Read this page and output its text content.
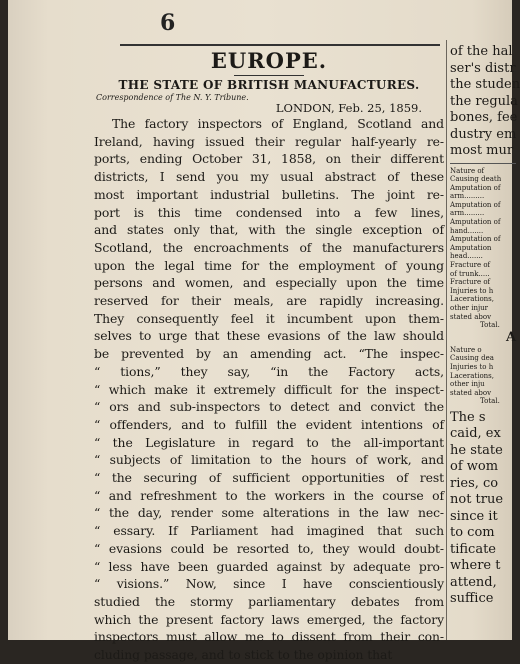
6
EUROPE.
THE STATE OF BRITISH MANUFACTURES.
Correspondence of The N. Y. Tribune.
LONDON, Feb. 25, 1859.
The factory inspectors of England, Scotland and
Ireland, having issued their regular half-yearly re-
ports, ending October 31, 1858, on their different
districts, I send you my usual abstract of these
most important industrial bulletins. The joint re-
port is this time condensed into a few lines,
and states only that, with the single exception of
Scotland, the encroachments of the manufacturers
upon the legal time for the employment of young
persons and women, and especially upon the time
reserved for their meals, are rapidly increasing.
They consequently feel it incumbent upon them-
selves to urge that these evasions of the law should
be prevented by an amending act. “The inspec-
“ tions,” they say, “in the Factory acts,
“ which make it extremely difficult for the inspect-
“ ors and sub-inspectors to detect and convict the
“ offenders, and to fulfill the evident intentions of
“ the Legislature in regard to the all-important
“ subjects of limitation to the hours of work, and
“ the securing of sufficient opportunities of rest
“ and refreshment to the workers in the course of
“ the day, render some alterations in the law nec-
“ essary. If Parliament had imagined that such
“ evasions could be resorted to, they would doubt-
“ less have been guarded against by adequate pro-
“ visions.” Now, since I have conscientiously
studied the stormy parliamentary debates from
which the present factory laws emerged, the factory
inspectors must allow me to dissent from their con-
cluding passage, and to stick to the opinion that
of the hal
ser's distr
the studen
the regula
bones, fee
dustry em
most mur
Nature of
Causing death
Amputation of
arm.........
Amputation of
arm.........
Amputation of
hand.......
Amputation of
Amputation
head.......
Fracture of
of trunk.....
Fracture of
Injuries to h
Lacerations,
other injur
stated abov
Total.
A
Nature o
Causing dea
Injuries to h
Lacerations,
other inju
stated abov
Total.
The s
caid, ex
he state
of wom
ries, co
not true
since it
to com
tificate
where t
attend,
suffice
